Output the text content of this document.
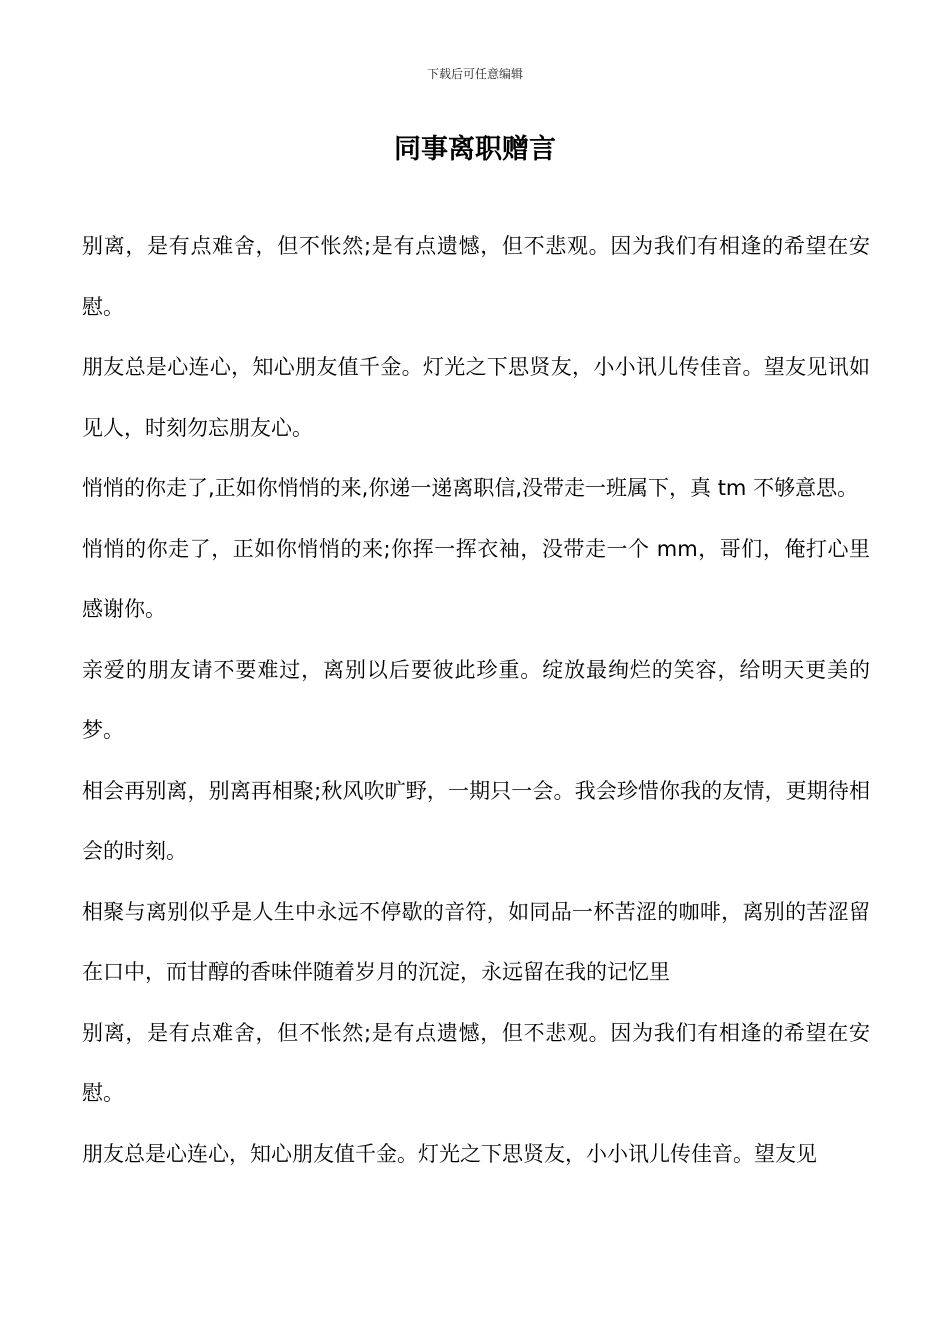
下载后可任意编辑
同事离职赠言

别离，是有点难舍，但不怅然;是有点遗憾，但不悲观。因为我们有相逢的希望在安慰。

朋友总是心连心，知心朋友值千金。灯光之下思贤友，小小讯儿传佳音。望友见讯如见人，时刻勿忘朋友心。

悄悄的你走了,正如你悄悄的来,你递一递离职信,没带走一班属下，真 tm 不够意思。

悄悄的你走了，正如你悄悄的来;你挥一挥衣袖，没带走一个 mm，哥们，俺打心里感谢你。

亲爱的朋友请不要难过，离别以后要彼此珍重。绽放最绚烂的笑容，给明天更美的梦。

相会再别离，别离再相聚;秋风吹旷野，一期只一会。我会珍惜你我的友情，更期待相会的时刻。

相聚与离别似乎是人生中永远不停歇的音符，如同品一杯苦涩的咖啡，离别的苦涩留在口中，而甘醇的香味伴随着岁月的沉淀，永远留在我的记忆里

别离，是有点难舍，但不怅然;是有点遗憾，但不悲观。因为我们有相逢的希望在安慰。

朋友总是心连心，知心朋友值千金。灯光之下思贤友，小小讯儿传佳音。望友见
